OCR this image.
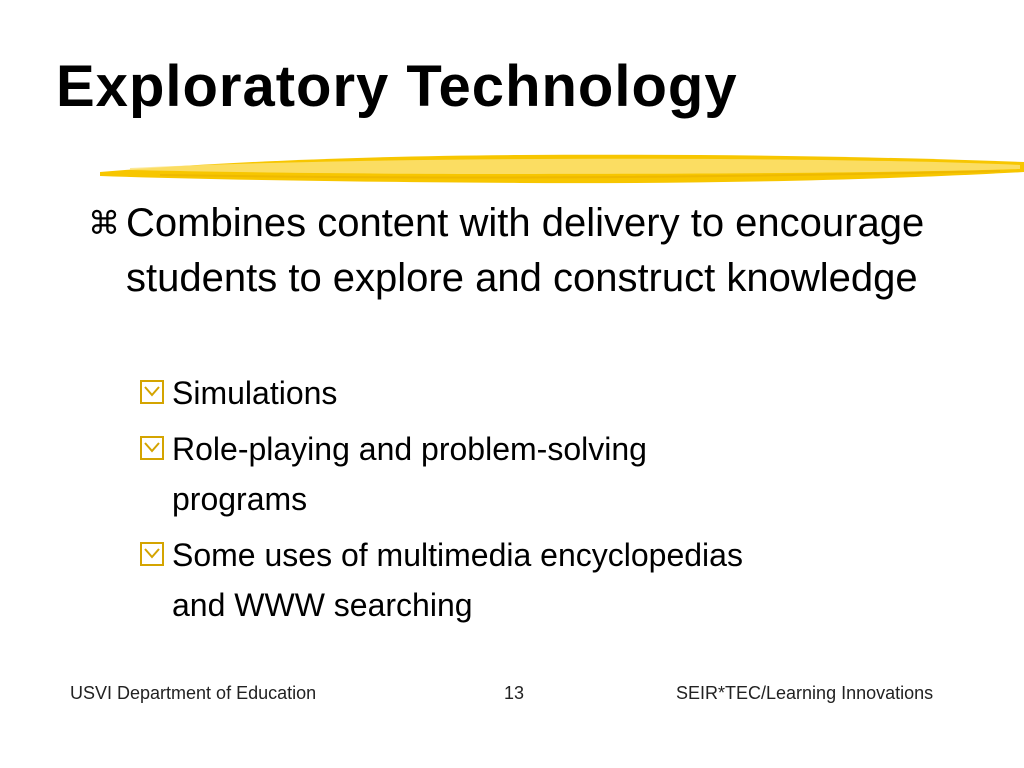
Exploratory Technology
⌘ Combines content with delivery to encourage students to explore and construct knowledge
Simulations
Role-playing and problem-solving
programs
Some uses of multimedia encyclopedias
and WWW searching
USVI Department of Education	13	SEIR*TEC/Learning Innovations
